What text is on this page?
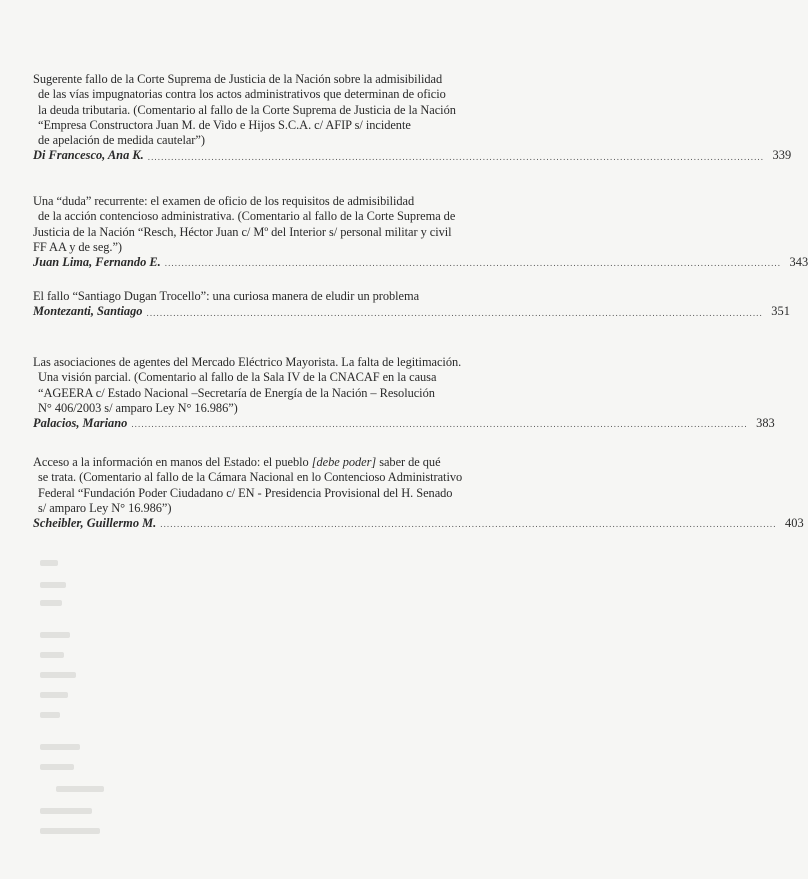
Sugerente fallo de la Corte Suprema de Justicia de la Nación sobre la admisibilidad
de las vías impugnatorias contra los actos administrativos que determinan de oficio
la deuda tributaria. (Comentario al fallo de la Corte Suprema de Justicia de la Nación
“Empresa Constructora Juan M. de Vido e Hijos S.C.A. c/ AFIP s/ incidente
de apelación de medida cautelar”)
Di Francesco, Ana K. ........................................................................................................................................................................................ 339
Una “duda” recurrente: el examen de oficio de los requisitos de admisibilidad
de la acción contencioso administrativa. (Comentario al fallo de la Corte Suprema de
Justicia de la Nación “Resch, Héctor Juan c/ Mº del Interior s/ personal militar y civil
FF AA y de seg.”)
Juan Lima, Fernando E. ........................................................................................................................................................................................ 343
El fallo “Santiago Dugan Trocello”: una curiosa manera de eludir un problema
Montezanti, Santiago ........................................................................................................................................................................................ 351
Las asociaciones de agentes del Mercado Eléctrico Mayorista. La falta de legitimación.
Una visión parcial. (Comentario al fallo de la Sala IV de la CNACAF en la causa
“AGEERA c/ Estado Nacional –Secretaría de Energía de la Nación – Resolución
N° 406/2003 s/ amparo Ley N° 16.986”)
Palacios, Mariano ........................................................................................................................................................................................ 383
Acceso a la información en manos del Estado: el pueblo [debe poder] saber de qué
se trata. (Comentario al fallo de la Cámara Nacional en lo Contencioso Administrativo
Federal “Fundación Poder Ciudadano c/ EN - Presidencia Provisional del H. Senado
s/ amparo Ley N° 16.986”)
Scheibler, Guillermo M. ........................................................................................................................................................................................ 403
